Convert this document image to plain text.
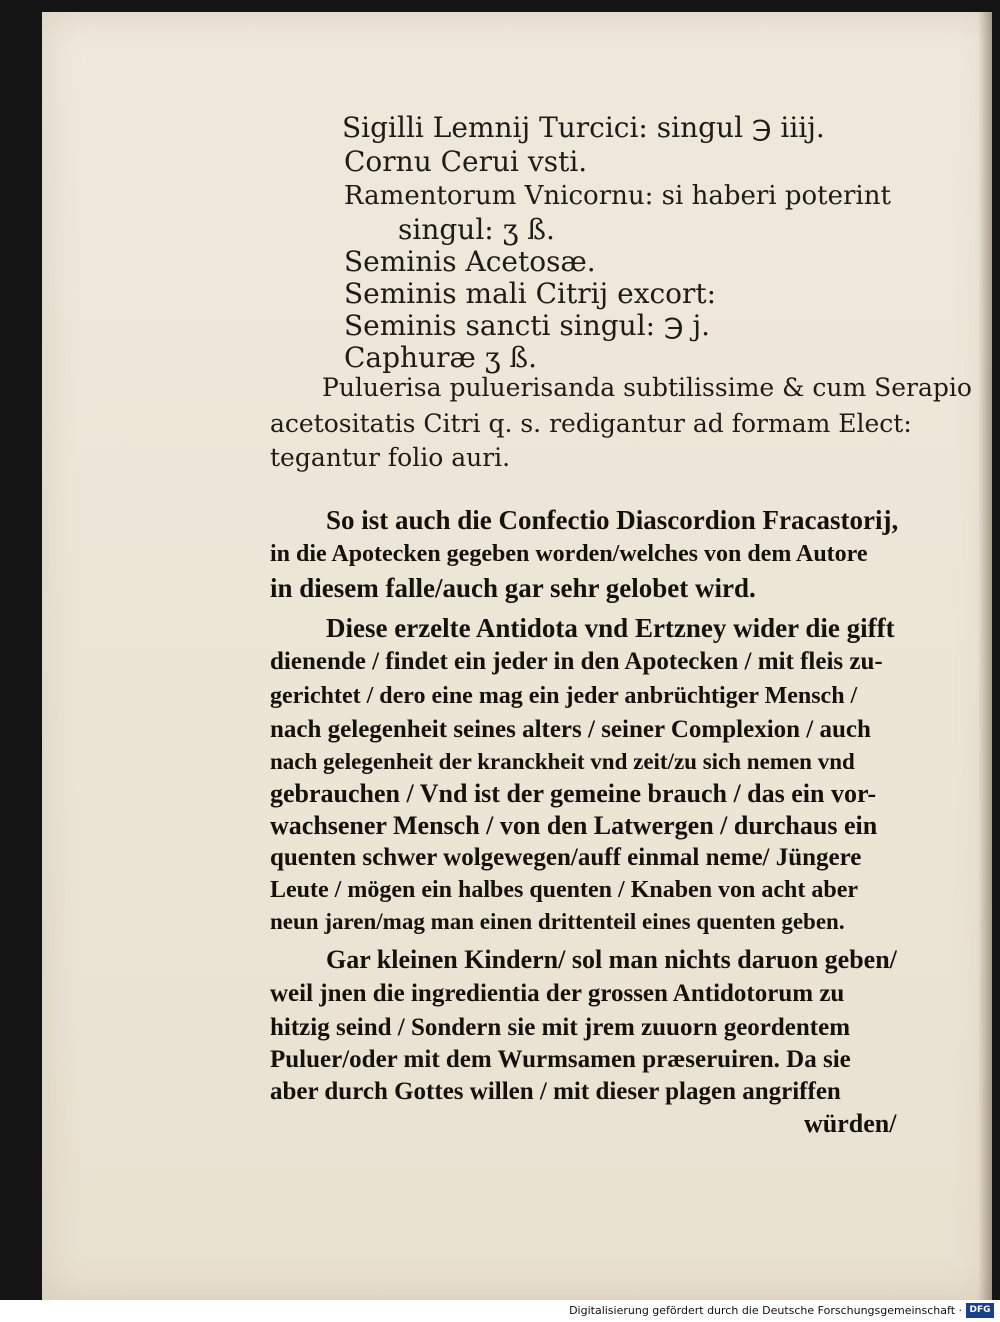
Sigilli Lemnij Turcici: singul ℈ iiij.
Cornu Cerui vsti.
Ramentorum Vnicornu: si haberi poterint
singul: ʒ ß.
Seminis Acetosæ.
Seminis mali Citrij excort:
Seminis sancti singul: ℈ j.
Caphuræ ʒ ß.
Puluerisa puluerisanda subtilissime & cum Serapio
acetositatis Citri q. s. redigantur ad formam Elect:
tegantur folio auri.
So ist auch die Confectio Diascordion Fracastorij,
in die Apotecken gegeben worden/welches von dem Autore
in diesem falle/auch gar sehr gelobet wird.
Diese erzelte Antidota vnd Ertzney wider die gifft
dienende / findet ein jeder in den Apotecken / mit fleis zu-
gerichtet / dero eine mag ein jeder anbrüchtiger Mensch /
nach gelegenheit seines alters / seiner Complexion / auch
nach gelegenheit der kranckheit vnd zeit/zu sich nemen vnd
gebrauchen / Vnd ist der gemeine brauch / das ein vor-
wachsener Mensch / von den Latwergen / durchaus ein
quenten schwer wolgewegen/auff einmal neme/ Jüngere
Leute / mögen ein halbes quenten / Knaben von acht aber
neun jaren/mag man einen drittenteil eines quenten geben.
Gar kleinen Kindern/ sol man nichts daruon geben/
weil jnen die ingredientia der grossen Antidotorum zu
hitzig seind / Sondern sie mit jrem zuuorn geordentem
Puluer/oder mit dem Wurmsamen præseruiren. Da sie
aber durch Gottes willen / mit dieser plagen angriffen
würden/
Digitalisierung gefördert durch die Deutsche Forschungsgemeinschaft · DFG
